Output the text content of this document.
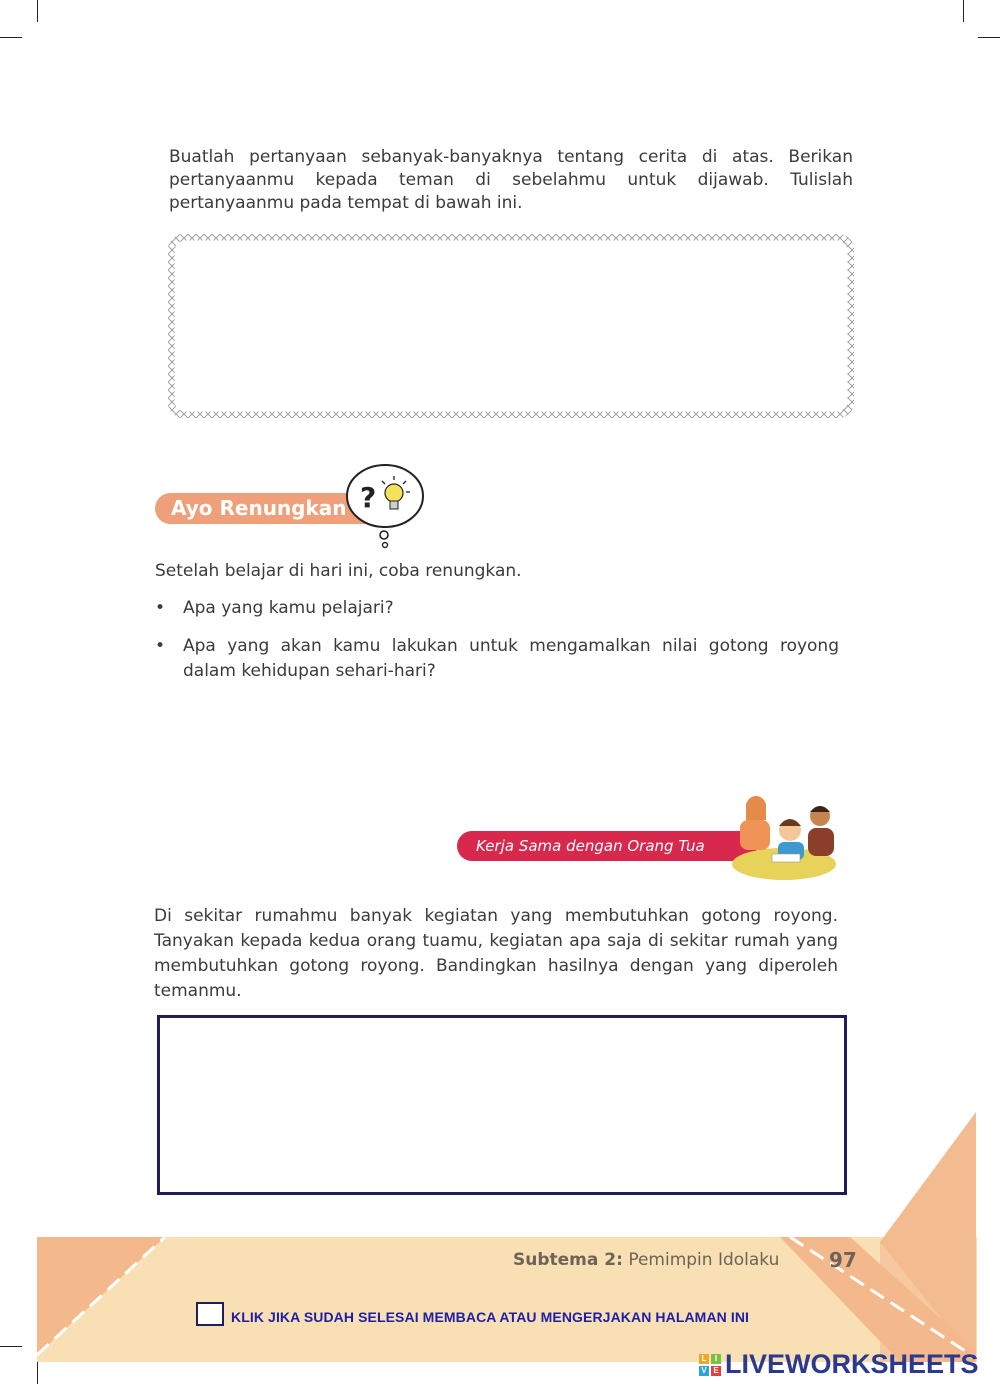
Buatlah pertanyaan sebanyak-banyaknya tentang cerita di atas. Berikan
pertanyaanmu kepada teman di sebelahmu untuk dijawab. Tulislah
pertanyaanmu pada tempat di bawah ini.
Ayo Renungkan ?
Setelah belajar di hari ini, coba renungkan.
• Apa yang kamu pelajari?
• Apa yang akan kamu lakukan untuk mengamalkan nilai gotong royong dalam kehidupan sehari-hari?
Kerja Sama dengan Orang Tua
Di sekitar rumahmu banyak kegiatan yang membutuhkan gotong royong.
Tanyakan kepada kedua orang tuamu, kegiatan apa saja di sekitar rumah yang
membutuhkan gotong royong. Bandingkan hasilnya dengan yang diperoleh
temanmu.
Subtema 2: Pemimpin Idolaku 97
KLIK JIKA SUDAH SELESAI MEMBACA ATAU MENGERJAKAN HALAMAN INI
L	I
V E LIVEWORKSHEETS
